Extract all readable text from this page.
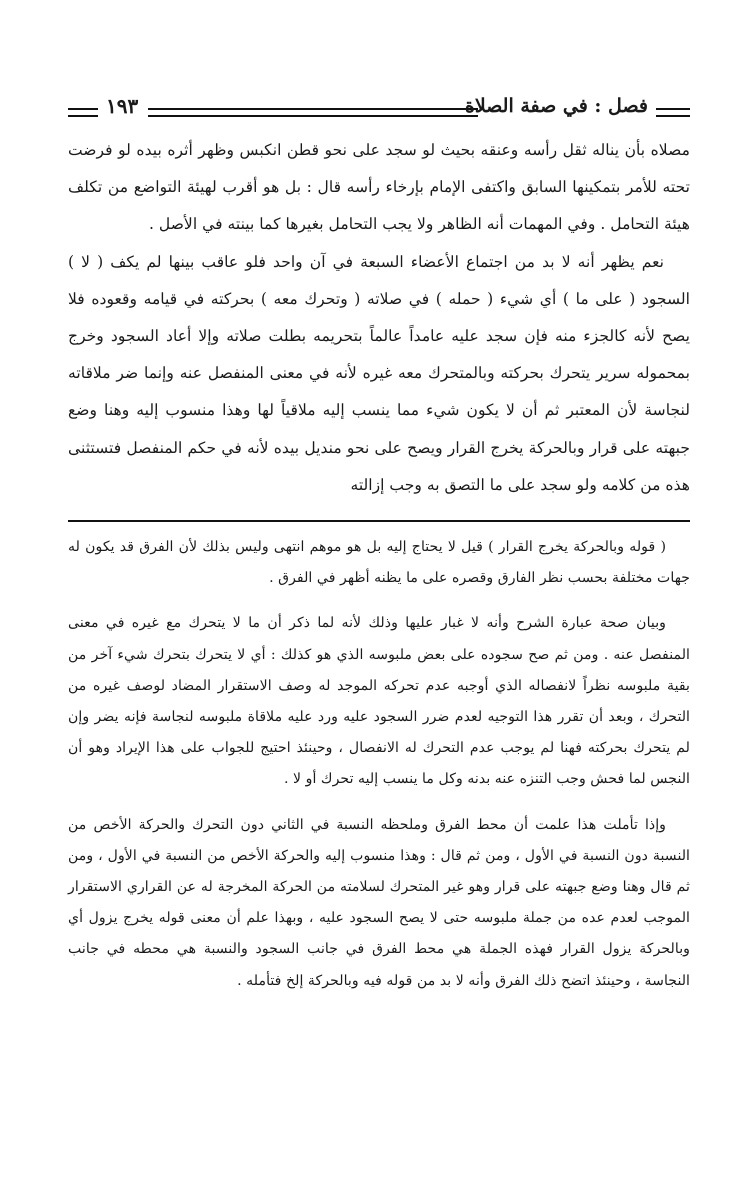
١٩٣	فصل : في صفة الصلاة

مصلاه بأن يناله ثقل رأسه وعنقه بحيث لو سجد على نحو قطن انكبس وظهر أثره بيده لو فرضت تحته للأمر بتمكينها السابق واكتفى الإمام بإرخاء رأسه قال : بل هو أقرب لهيئة التواضع من تكلف هيئة التحامل . وفي المهمات أنه الظاهر ولا يجب التحامل بغيرها كما بينته في الأصل .

نعم يظهر أنه لا بد من اجتماع الأعضاء السبعة في آن واحد فلو عاقب بينها لم يكف ( لا ) السجود ( على ما ) أي شيء ( حمله ) في صلاته ( وتحرك معه ) بحركته في قيامه وقعوده فلا يصح لأنه كالجزء منه فإن سجد عليه عامداً عالماً بتحريمه بطلت صلاته وإلا أعاد السجود وخرج بمحموله سرير يتحرك بحركته وبالمتحرك معه غيره لأنه في معنى المنفصل عنه وإنما ضر ملاقاته لنجاسة لأن المعتبر ثم أن لا يكون شيء مما ينسب إليه ملاقياً لها وهذا منسوب إليه وهنا وضع جبهته على قرار وبالحركة يخرج القرار ويصح على نحو منديل بيده لأنه في حكم المنفصل فتستثنى هذه من كلامه ولو سجد على ما التصق به وجب إزالته

( قوله وبالحركة يخرج القرار ) قيل لا يحتاج إليه بل هو موهم انتهى وليس بذلك لأن الفرق قد يكون له جهات مختلفة بحسب نظر الفارق وقصره على ما يظنه أظهر في الفرق .

وبيان صحة عبارة الشرح وأنه لا غبار عليها وذلك لأنه لما ذكر أن ما لا يتحرك مع غيره في معنى المنفصل عنه . ومن ثم صح سجوده على بعض ملبوسه الذي هو كذلك : أي لا يتحرك بتحرك شيء آخر من بقية ملبوسه نظراً لانفصاله الذي أوجبه عدم تحركه الموجد له وصف الاستقرار المضاد لوصف غيره من التحرك ، وبعد أن تقرر هذا التوجيه لعدم ضرر السجود عليه ورد عليه ملاقاة ملبوسه لنجاسة فإنه يضر وإن لم يتحرك بحركته فهنا لم يوجب عدم التحرك له الانفصال ، وحينئذ احتيج للجواب على هذا الإيراد وهو أن النجس لما فحش وجب التنزه عنه بدنه وكل ما ينسب إليه تحرك أو لا .

وإذا تأملت هذا علمت أن محط الفرق وملحظه النسبة في الثاني دون التحرك والحركة الأخص من النسبة دون النسبة في الأول ، ومن ثم قال : وهذا منسوب إليه والحركة الأخص من النسبة في الأول ، ومن ثم قال وهنا وضع جبهته على قرار وهو غير المتحرك لسلامته من الحركة المخرجة له عن القراري الاستقرار الموجب لعدم عده من جملة ملبوسه حتى لا يصح السجود عليه ، وبهذا علم أن معنى قوله يخرج يزول أي وبالحركة يزول القرار فهذه الجملة هي محط الفرق في جانب السجود والنسبة هي محطه في جانب النجاسة ، وحينئذ اتضح ذلك الفرق وأنه لا بد من قوله فيه وبالحركة إلخ فتأمله .
